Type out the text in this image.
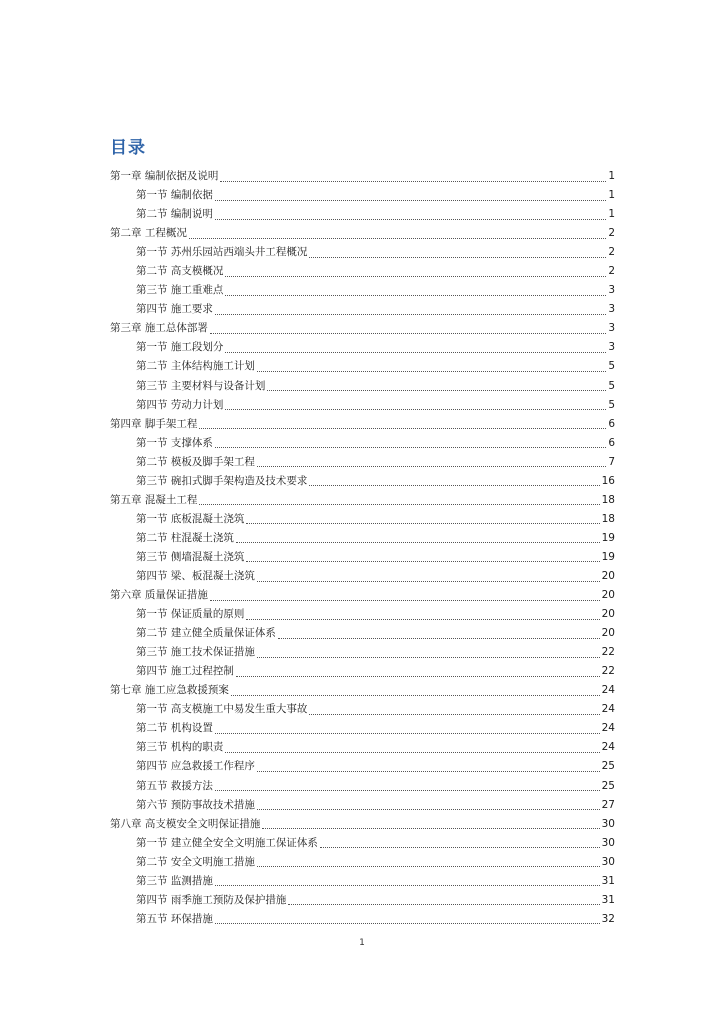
目录
第一章 编制依据及说明	1
第一节 编制依据	1
第二节 编制说明	1
第二章 工程概况	2
第一节 苏州乐园站西端头井工程概况	2
第二节 高支模概况	2
第三节 施工重难点	3
第四节 施工要求	3
第三章 施工总体部署	3
第一节 施工段划分	3
第二节 主体结构施工计划	5
第三节 主要材料与设备计划	5
第四节 劳动力计划	5
第四章 脚手架工程	6
第一节 支撑体系	6
第二节 模板及脚手架工程	7
第三节 碗扣式脚手架构造及技术要求	16
第五章 混凝土工程	18
第一节 底板混凝土浇筑	18
第二节 柱混凝土浇筑	19
第三节 侧墙混凝土浇筑	19
第四节 梁、板混凝土浇筑	20
第六章 质量保证措施	20
第一节 保证质量的原则	20
第二节 建立健全质量保证体系	20
第三节 施工技术保证措施	22
第四节 施工过程控制	22
第七章 施工应急救援预案	24
第一节 高支模施工中易发生重大事故	24
第二节 机构设置	24
第三节 机构的职责	24
第四节 应急救援工作程序	25
第五节 救援方法	25
第六节 预防事故技术措施	27
第八章 高支模安全文明保证措施	30
第一节 建立健全安全文明施工保证体系	30
第二节 安全文明施工措施	30
第三节 监测措施	31
第四节 雨季施工预防及保护措施	31
第五节 环保措施	32
1
